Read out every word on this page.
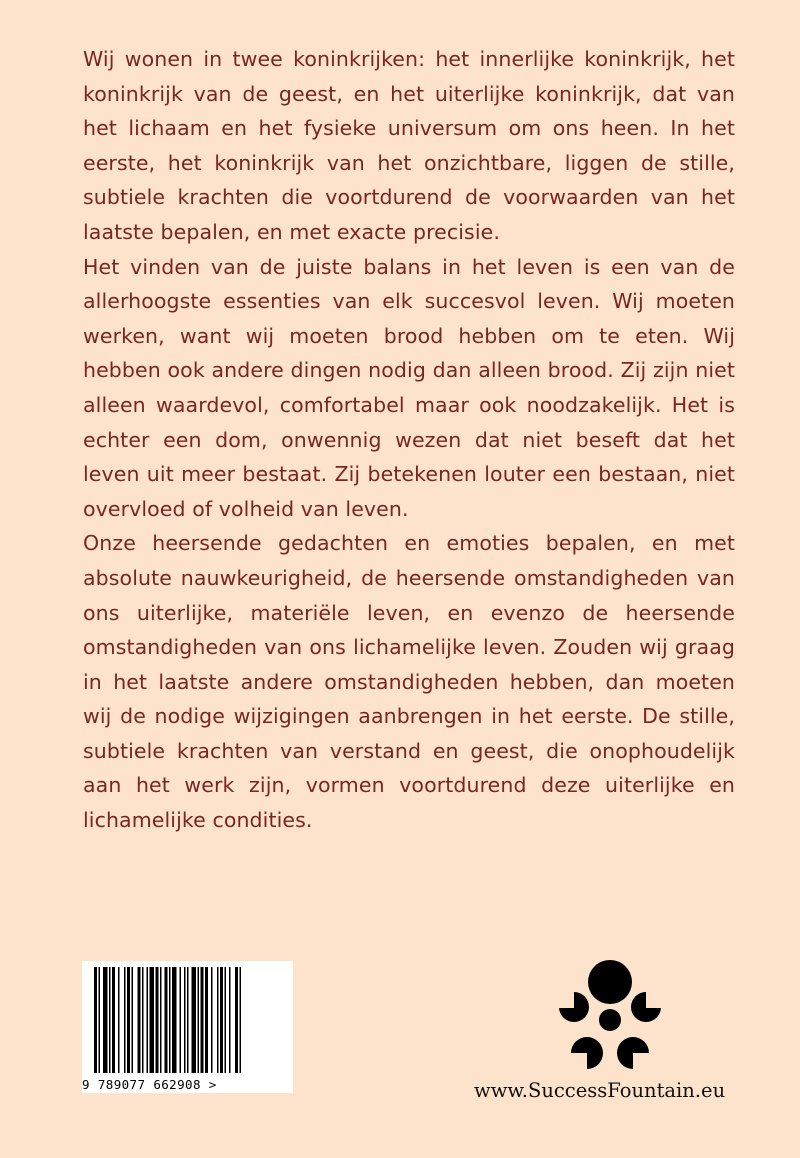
Wij wonen in twee koninkrijken: het innerlijke koninkrijk, het koninkrijk van de geest, en het uiterlijke koninkrijk, dat van het lichaam en het fysieke universum om ons heen. In het eerste, het koninkrijk van het onzichtbare, liggen de stille, subtiele krachten die voortdurend de voorwaarden van het laatste bepalen, en met exacte precisie.

Het vinden van de juiste balans in het leven is een van de allerhoogste essenties van elk succesvol leven. Wij moeten werken, want wij moeten brood hebben om te eten. Wij hebben ook andere dingen nodig dan alleen brood. Zij zijn niet alleen waardevol, comfortabel maar ook noodzakelijk. Het is echter een dom, onwennig wezen dat niet beseft dat het leven uit meer bestaat. Zij betekenen louter een bestaan, niet overvloed of volheid van leven.

Onze heersende gedachten en emoties bepalen, en met absolute nauwkeurigheid, de heersende omstandigheden van ons uiterlijke, materiële leven, en evenzo de heersende omstandigheden van ons lichamelijke leven. Zouden wij graag in het laatste andere omstandigheden hebben, dan moeten wij de nodige wijzigingen aanbrengen in het eerste. De stille, subtiele krachten van verstand en geest, die onophoudelijk aan het werk zijn, vormen voortdurend deze uiterlijke en lichamelijke condities.

9 789077 662908 >	www.SuccessFountain.eu
